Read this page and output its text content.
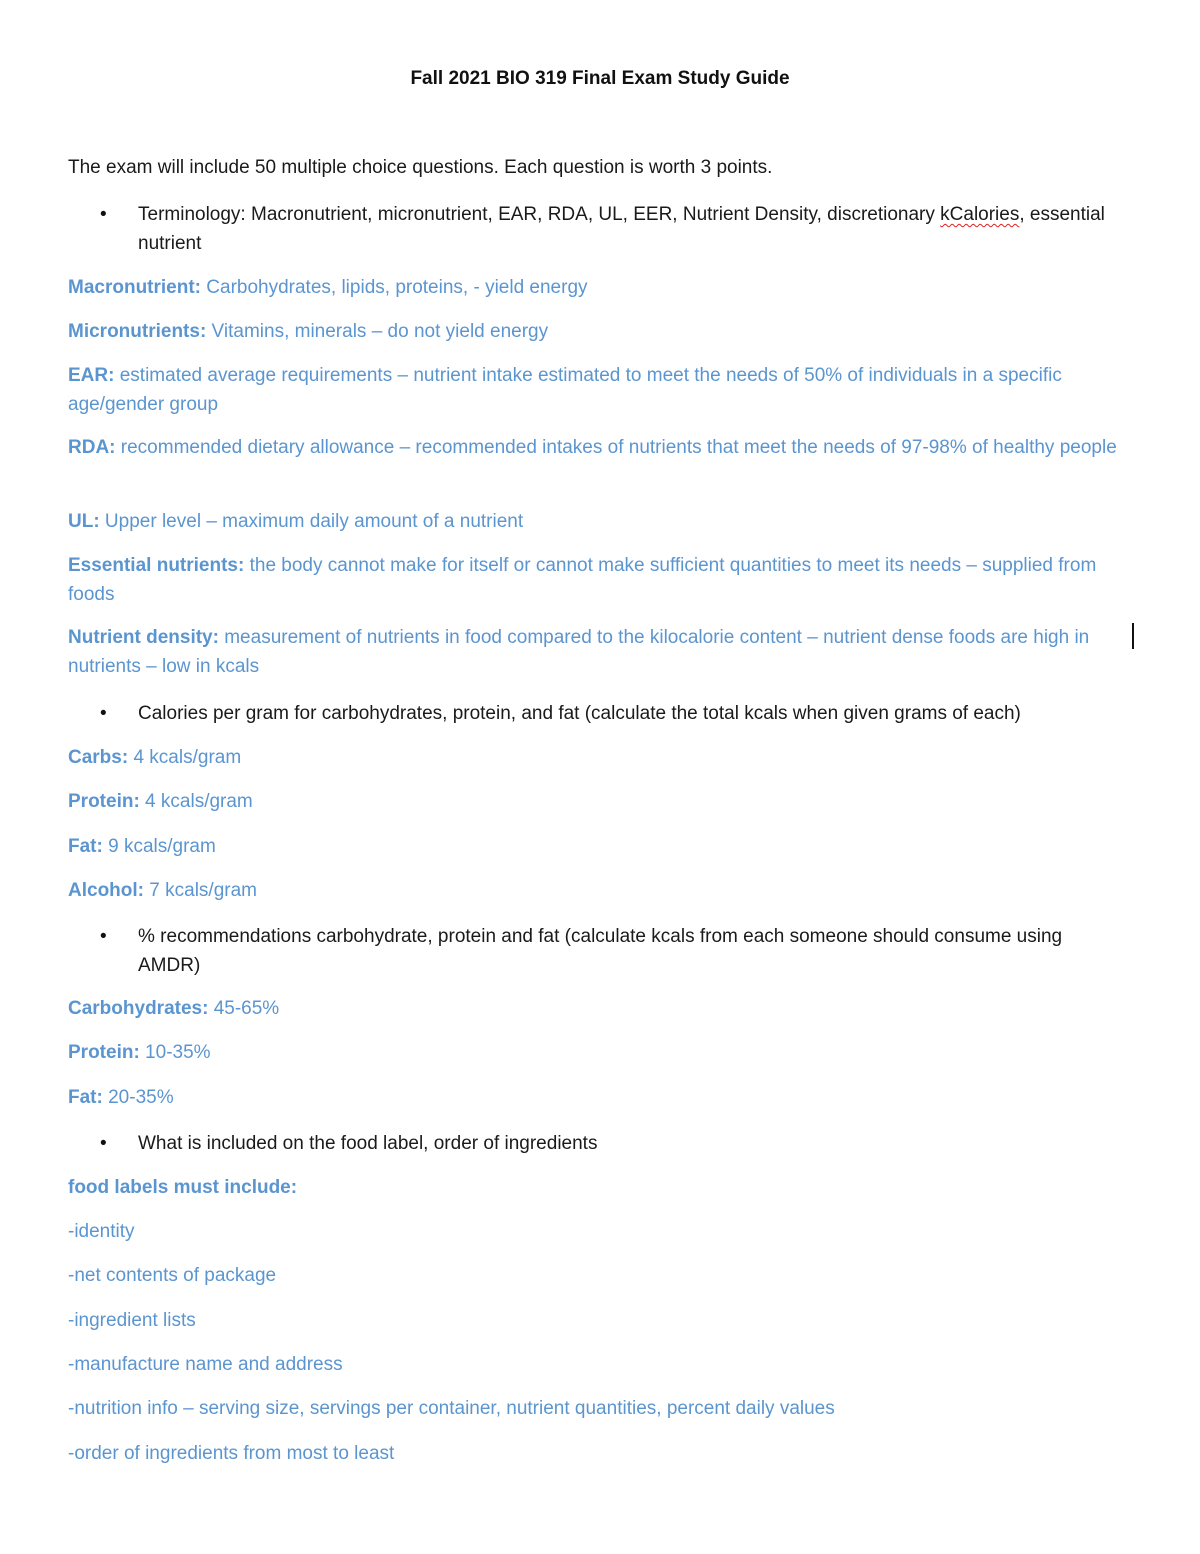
Fall 2021 BIO 319 Final Exam Study Guide

The exam will include 50 multiple choice questions. Each question is worth 3 points.

• Terminology: Macronutrient, micronutrient, EAR, RDA, UL, EER, Nutrient Density, discretionary kCalories, essential nutrient

Macronutrient: Carbohydrates, lipids, proteins, - yield energy

Micronutrients: Vitamins, minerals – do not yield energy

EAR: estimated average requirements – nutrient intake estimated to meet the needs of 50% of individuals in a specific age/gender group

RDA: recommended dietary allowance – recommended intakes of nutrients that meet the needs of 97-98% of healthy people

UL: Upper level – maximum daily amount of a nutrient

Essential nutrients: the body cannot make for itself or cannot make sufficient quantities to meet its needs – supplied from foods

Nutrient density: measurement of nutrients in food compared to the kilocalorie content – nutrient dense foods are high in nutrients – low in kcals

• Calories per gram for carbohydrates, protein, and fat (calculate the total kcals when given grams of each)

Carbs: 4 kcals/gram

Protein: 4 kcals/gram

Fat: 9 kcals/gram

Alcohol: 7 kcals/gram

• % recommendations carbohydrate, protein and fat (calculate kcals from each someone should consume using AMDR)

Carbohydrates: 45-65%

Protein: 10-35%

Fat: 20-35%

• What is included on the food label, order of ingredients

food labels must include:

-identity

-net contents of package

-ingredient lists

-manufacture name and address

-nutrition info – serving size, servings per container, nutrient quantities, percent daily values

-order of ingredients from most to least
